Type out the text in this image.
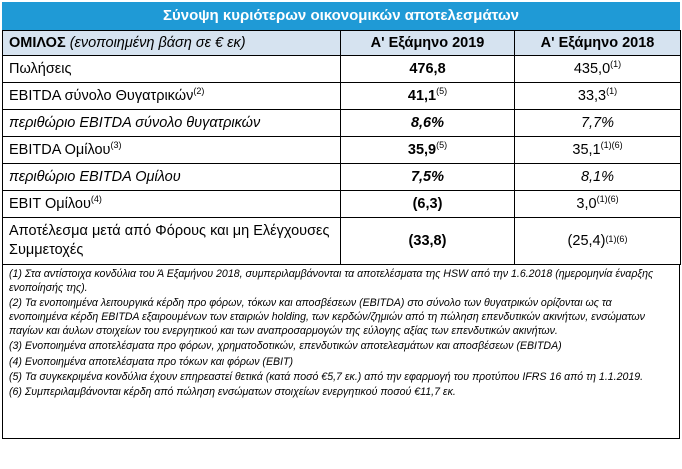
Σύνοψη κυριότερων οικονομικών αποτελεσμάτων
ΟΜΙΛΟΣ (ενοποιημένη βάση σε € εκ)	Α' Εξάμηνο 2019	Α' Εξάμηνο 2018
Πωλήσεις	476,8	435,0$^{(1)}$
EBITDA σύνολο Θυγατρικών$^{(2)}$	41,1$^{(5)}$	33,3$^{(1)}$
περιθώριο EBITDA σύνολο θυγατρικών	8,6%	7,7%
EBITDA Ομίλου$^{(3)}$	35,9$^{(5)}$	$35,1^{(1)(6)}$
περιθώριο EBITDA Ομίλου	7,5%	8,1%
EBIT Ομίλου$^{(4)}$	(6,3)	$3,0^{(1)(6)}$
Αποτέλεσμα μετά από Φόρους και μη Ελέγχουσες Συμμετοχές	(33,8)	$(25,4)^{(1)(6)}$

(1) Στα αντίστοιχα κονδύλια του Ά Εξαμήνου 2018, συμπεριλαμβάνονται τα αποτελέσματα της HSW από την 1.6.2018 (ημερομηνία έναρξης ενοποίησής της).

(2) Τα ενοποιημένα λειτουργικά κέρδη προ φόρων, τόκων και αποσβέσεων (EBITDA) στο σύνολο των θυγατρικών ορίζονται ως τα ενοποιημένα κέρδη EBITDA εξαιρουμένων των εταιριών holding, των κερδών/ζημιών από τη πώληση επενδυτικών ακινήτων, ενσώματων παγίων και άυλων στοιχείων του ενεργητικού και των αναπροσαρμογών της εύλογης αξίας των επενδυτικών ακινήτων.

(3) Ενοποιημένα αποτελέσματα προ φόρων, χρηματοδοτικών, επενδυτικών αποτελεσμάτων και αποσβέσεων (EBITDA)

(4) Ενοποιημένα αποτελέσματα προ τόκων και φόρων (EBIT)

(5) Τα συγκεκριμένα κονδύλια έχουν επηρεαστεί θετικά (κατά ποσό €5,7 εκ.) από την εφαρμογή του προτύπου IFRS 16 από τη 1.1.2019.

(6) Συμπεριλαμβάνονται κέρδη από πώληση ενσώματων στοιχείων ενεργητικού ποσού €11,7 εκ.
